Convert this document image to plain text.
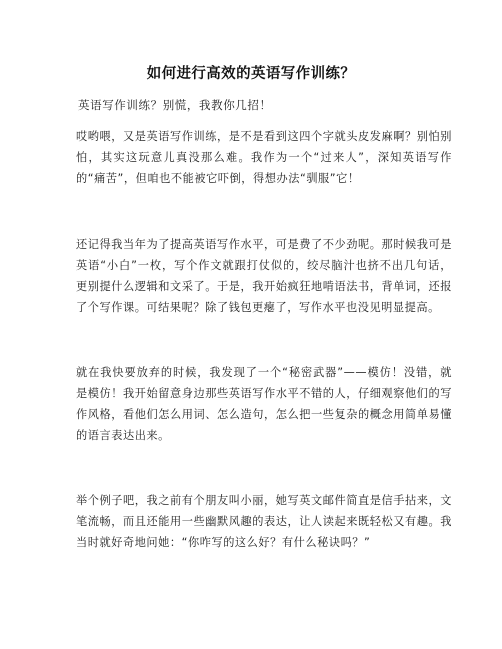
如何进行高效的英语写作训练？
英语写作训练？别慌，我教你几招！

哎哟喂，又是英语写作训练，是不是看到这四个字就头皮发麻啊？别怕别怕，其实这玩意儿真没那么难。我作为一个“过来人”，深知英语写作的“痛苦”，但咱也不能被它吓倒，得想办法“驯服”它！

还记得我当年为了提高英语写作水平，可是费了不少劲呢。那时候我可是英语“小白”一枚，写个作文就跟打仗似的，绞尽脑汁也挤不出几句话，更别提什么逻辑和文采了。于是，我开始疯狂地啃语法书，背单词，还报了个写作课。可结果呢？除了钱包更瘪了，写作水平也没见明显提高。

就在我快要放弃的时候，我发现了一个“秘密武器”——模仿！没错，就是模仿！我开始留意身边那些英语写作水平不错的人，仔细观察他们的写作风格，看他们怎么用词、怎么造句，怎么把一些复杂的概念用简单易懂的语言表达出来。

举个例子吧，我之前有个朋友叫小丽，她写英文邮件简直是信手拈来，文笔流畅，而且还能用一些幽默风趣的表达，让人读起来既轻松又有趣。我当时就好奇地问她：“你咋写的这么好？有什么秘诀吗？”
